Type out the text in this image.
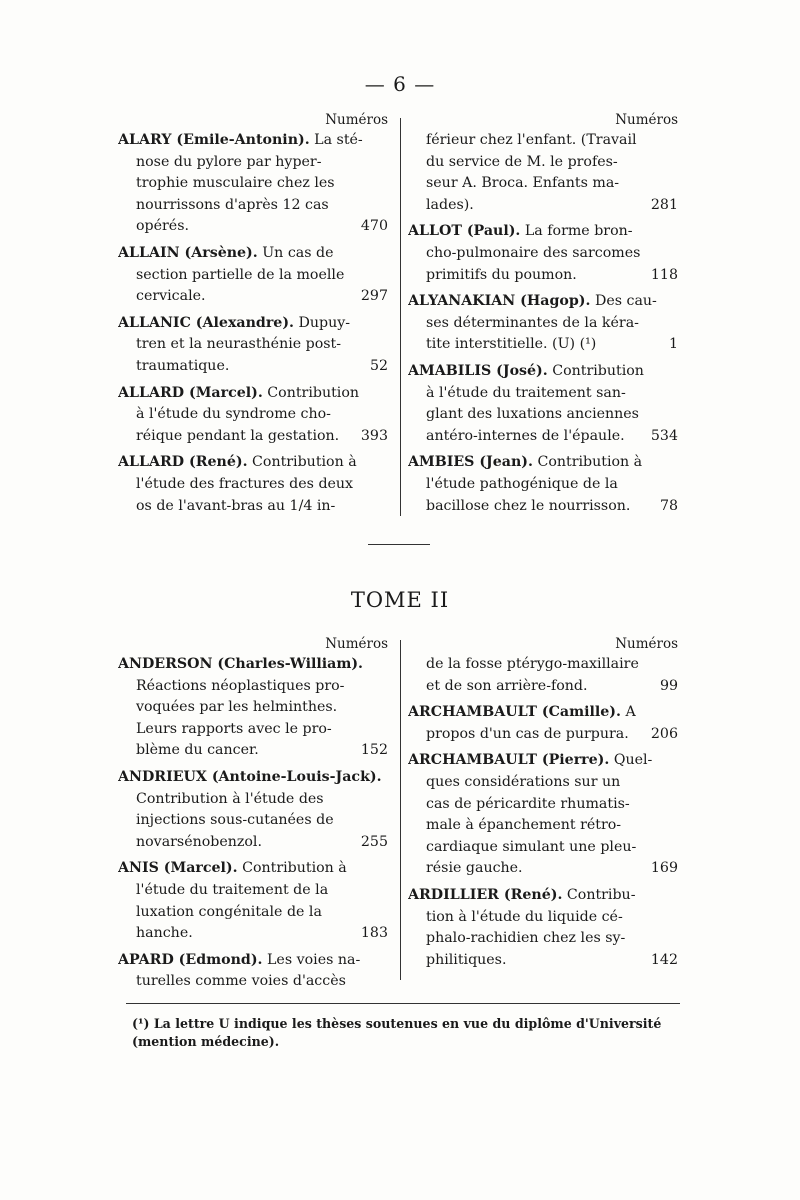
— 6 —
Numéros
ALARY (Emile-Antonin). La sté-
nose du pylore par hyper-
trophie musculaire chez les
nourrissons d'après 12 cas
opérés.	470
ALLAIN (Arsène). Un cas de
section partielle de la moelle
cervicale.	297
ALLANIC (Alexandre). Dupuy-
tren et la neurasthénie post-
traumatique.	52
ALLARD (Marcel). Contribution
à l'étude du syndrome cho-
réique pendant la gestation.	393
ALLARD (René). Contribution à
l'étude des fractures des deux
os de l'avant-bras au 1/4 in-
Numéros
férieur chez l'enfant. (Travail
du service de M. le profes-
seur A. Broca. Enfants ma-
lades).	281
ALLOT (Paul). La forme bron-
cho-pulmonaire des sarcomes
primitifs du poumon.	118
ALYANAKIAN (Hagop). Des cau-
ses déterminantes de la kéra-
tite interstitielle. (U) (¹)	1
AMABILIS (José). Contribution
à l'étude du traitement san-
glant des luxations anciennes
antéro-internes de l'épaule.	534
AMBIES (Jean). Contribution à
l'étude pathogénique de la
bacillose chez le nourrisson.	78
TOME II
Numéros
ANDERSON (Charles-William).
Réactions néoplastiques pro-
voquées par les helminthes.
Leurs rapports avec le pro-
blème du cancer.	152
ANDRIEUX (Antoine-Louis-Jack).
Contribution à l'étude des
injections sous-cutanées de
novarsénobenzol.	255
ANIS (Marcel). Contribution à
l'étude du traitement de la
luxation congénitale de la
hanche.	183
APARD (Edmond). Les voies na-
turelles comme voies d'accès
Numéros
de la fosse ptérygo-maxillaire
et de son arrière-fond.	99
ARCHAMBAULT (Camille). A
propos d'un cas de purpura.	206
ARCHAMBAULT (Pierre). Quel-
ques considérations sur un
cas de péricardite rhumatis-
male à épanchement rétro-
cardiaque simulant une pleu-
résie gauche.	169
ARDILLIER (René). Contribu-
tion à l'étude du liquide cé-
phalo-rachidien chez les sy-
philitiques.	142
(¹) La lettre U indique les thèses soutenues en vue du diplôme d'Université
(mention médecine).
